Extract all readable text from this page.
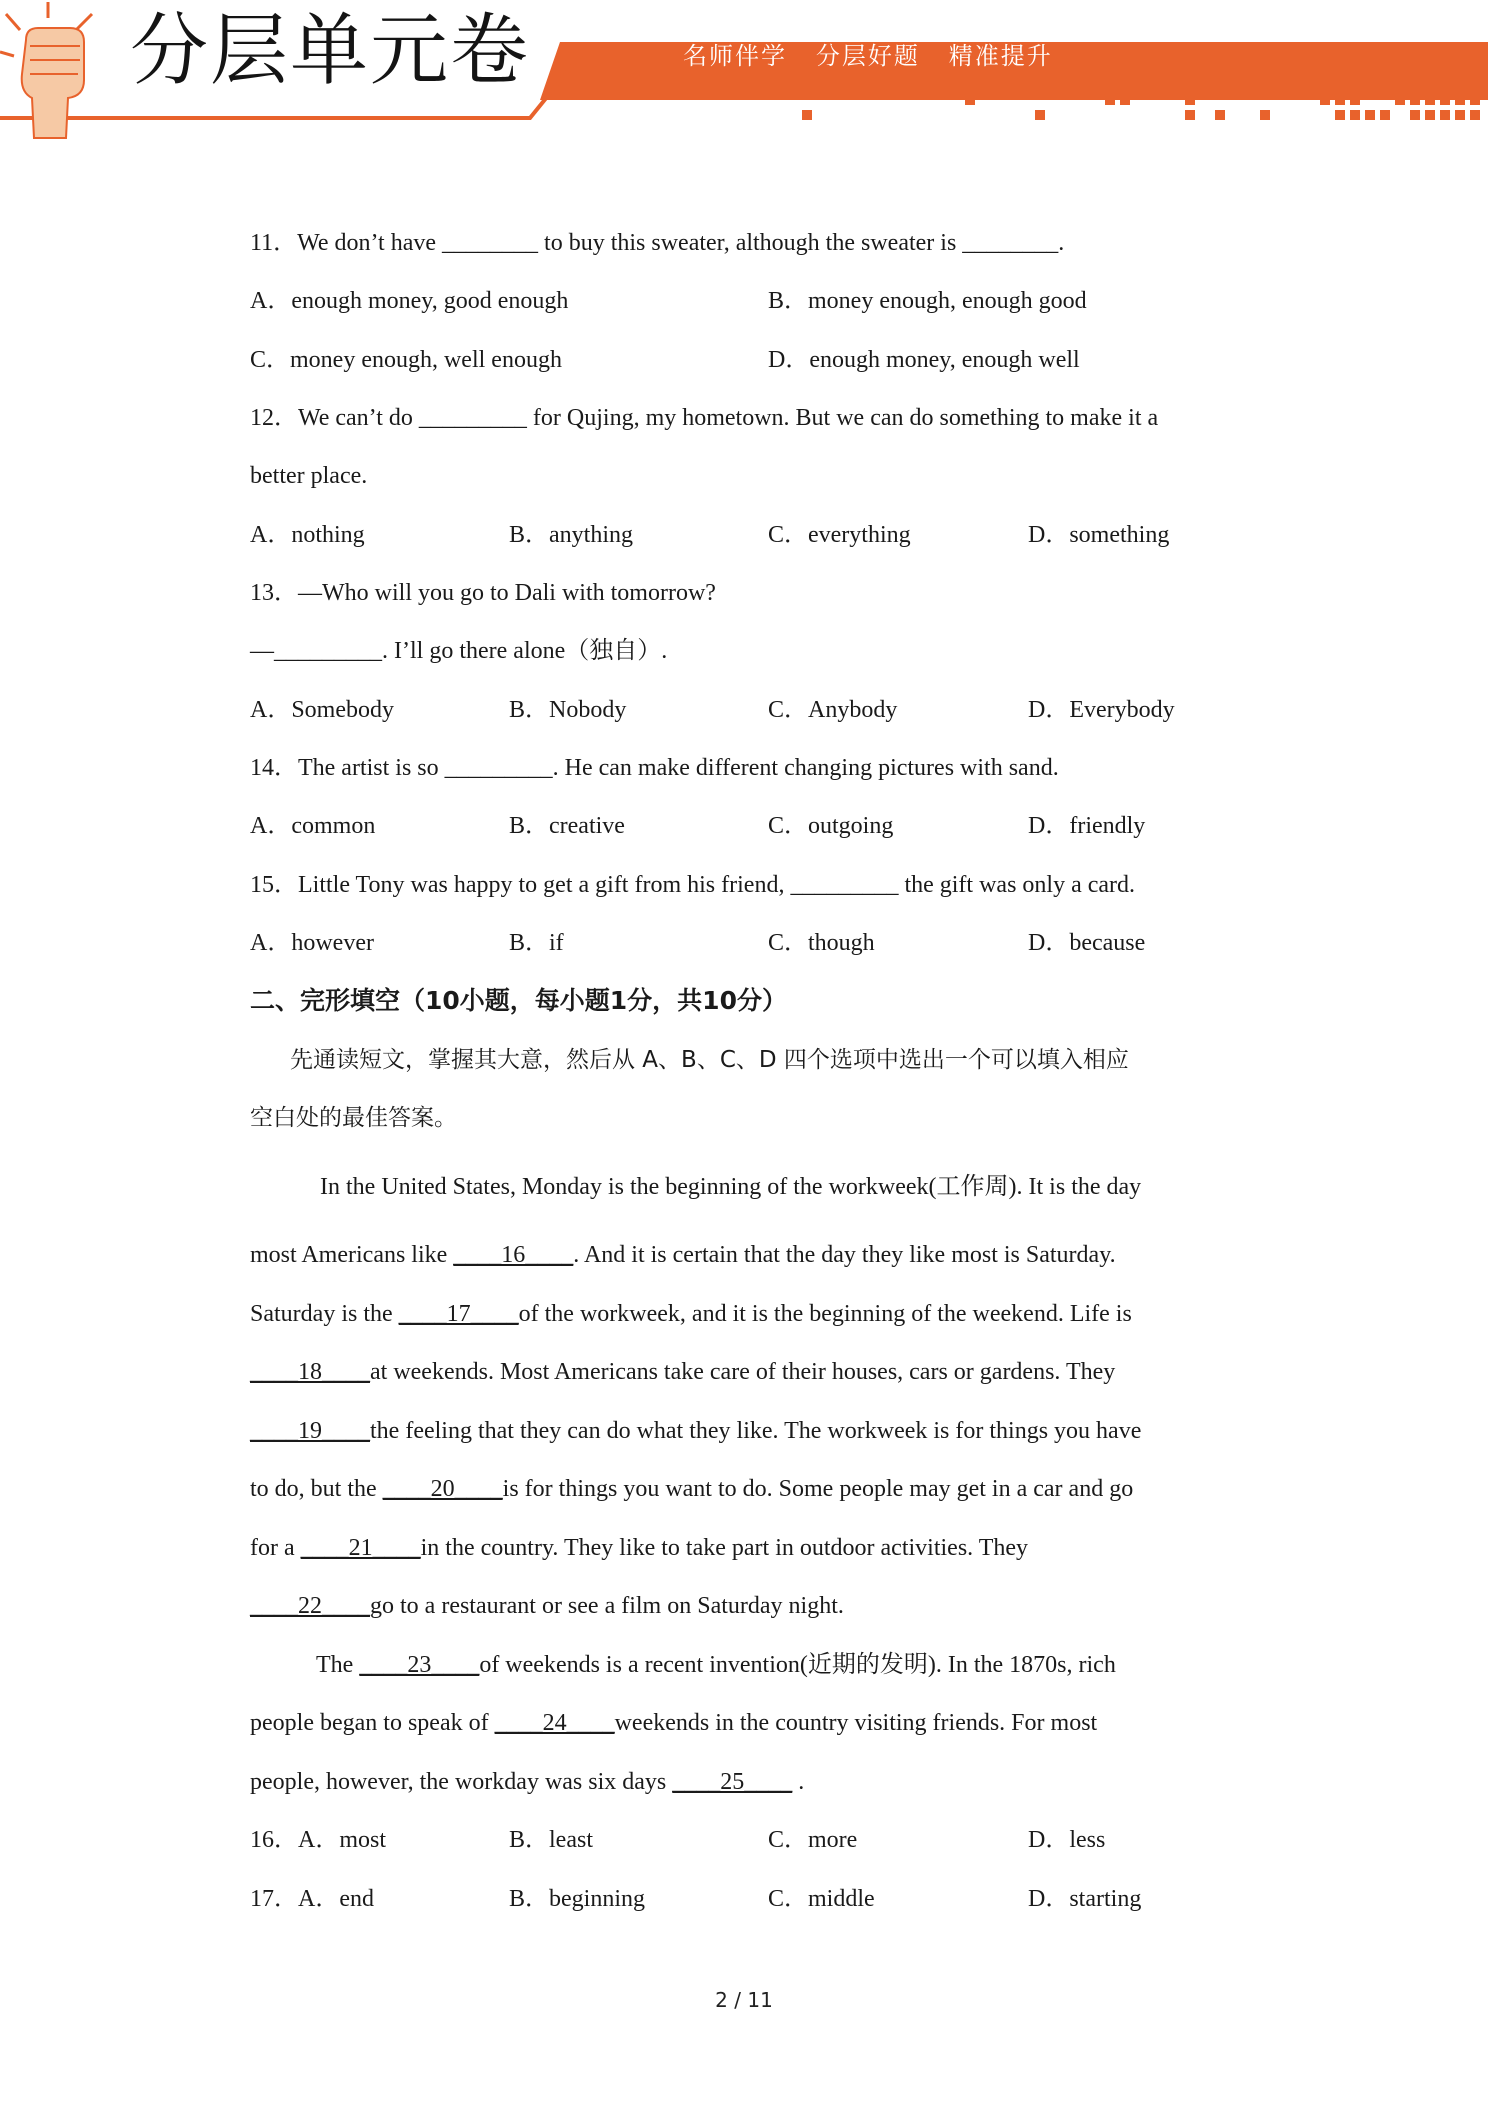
分层单元卷	名师伴学   分层好题   精准提升
11．We don’t have ________ to buy this sweater, although the sweater is ________.
A．enough money, good enough	B．money enough, enough good
C．money enough, well enough	D．enough money, enough well
12．We can’t do _________ for Qujing, my hometown. But we can do something to make it a
better place.
A．nothing	B．anything	C．everything	D．something
13．—Who will you go to Dali with tomorrow?
—_________. I’ll go there alone（独自）.
A．Somebody	B．Nobody	C．Anybody	D．Everybody
14．The artist is so _________. He can make different changing pictures with sand.
A．common	B．creative	C．outgoing	D．friendly
15．Little Tony was happy to get a gift from his friend, _________ the gift was only a card.
A．however	B．if	C．though	D．because
二、完形填空（10小题，每小题1分，共10分）
先通读短文，掌握其大意，然后从 A、B、C、D 四个选项中选出一个可以填入相应
空白处的最佳答案。
In the United States, Monday is the beginning of the workweek(工作周). It is the day
most Americans like ____16____. And it is certain that the day they like most is Saturday.
Saturday is the ____17____of the workweek, and it is the beginning of the weekend. Life is
____18____at weekends. Most Americans take care of their houses, cars or gardens. They
____19____the feeling that they can do what they like. The workweek is for things you have
to do, but the ____20____is for things you want to do. Some people may get in a car and go
for a ____21____in the country. They like to take part in outdoor activities. They
____22____go to a restaurant or see a film on Saturday night.
The ____23____of weekends is a recent invention(近期的发明). In the 1870s, rich
people began to speak of ____24____weekends in the country visiting friends. For most
people, however, the workday was six days ____25____ .
16．A．most	B．least	C．more	D．less
17．A．end	B．beginning	C．middle	D．starting
2 / 11
